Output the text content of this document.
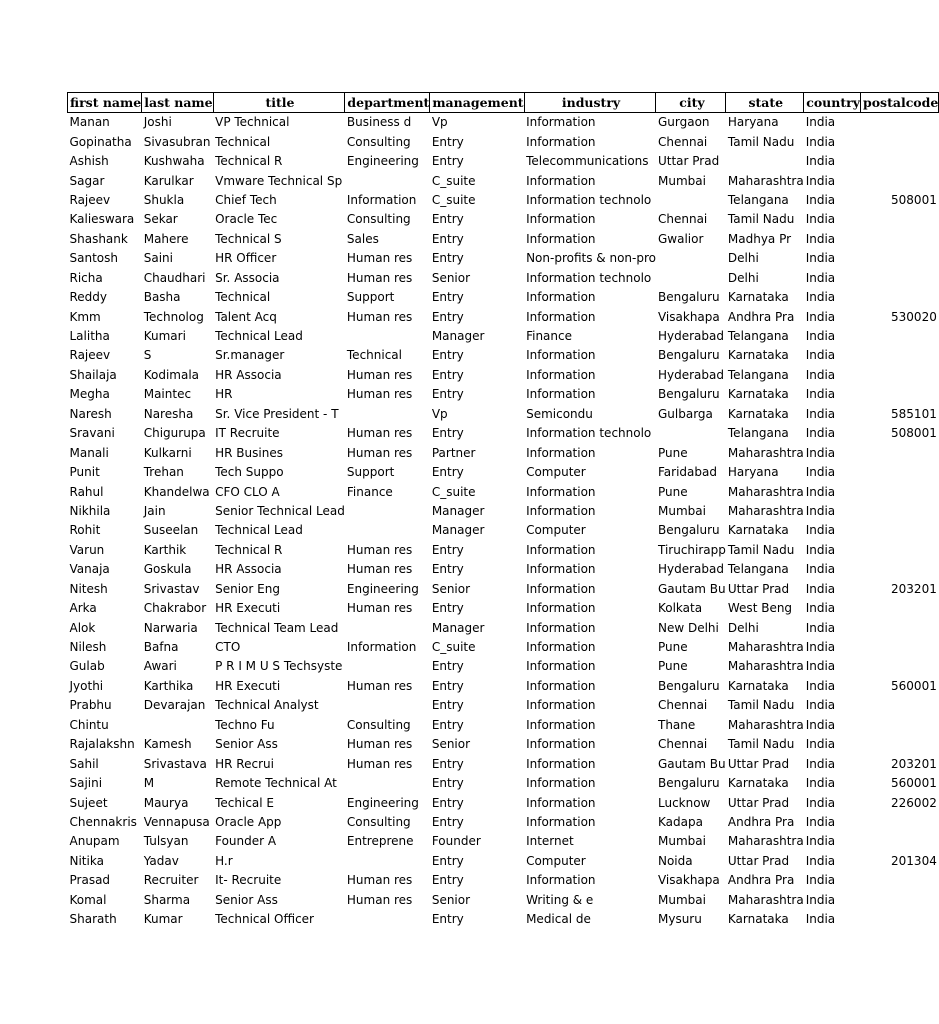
first name	last name	title	department	management	industry	city	state	country	postalcode
Manan	Joshi	VP Technical	Business d	Vp	Information	Gurgaon	Haryana	India	
Gopinatha	Sivasubran	Technical	Consulting	Entry	Information	Chennai	Tamil Nadu	India	
Ashish	Kushwaha	Technical R	Engineering	Entry	Telecommunications	Uttar Prad		India	
Sagar	Karulkar	Vmware Technical Sp		C_suite	Information	Mumbai	Maharashtra	India	
Rajeev	Shukla	Chief Tech	Information	C_suite	Information technolo		Telangana	India	508001
Kalieswara	Sekar	Oracle Tec	Consulting	Entry	Information	Chennai	Tamil Nadu	India	
Shashank	Mahere	Technical S	Sales	Entry	Information	Gwalior	Madhya Pr	India	
Santosh	Saini	HR Officer	Human res	Entry	Non-profits & non-pro		Delhi	India	
Richa	Chaudhari	Sr. Associa	Human res	Senior	Information technolo		Delhi	India	
Reddy	Basha	Technical	Support	Entry	Information	Bengaluru	Karnataka	India	
Kmm	Technolog	Talent Acq	Human res	Entry	Information	Visakhapa	Andhra Pra	India	530020
Lalitha	Kumari	Technical Lead		Manager	Finance	Hyderabad	Telangana	India	
Rajeev	S	Sr.manager	Technical	Entry	Information	Bengaluru	Karnataka	India	
Shailaja	Kodimala	HR Associa	Human res	Entry	Information	Hyderabad	Telangana	India	
Megha	Maintec	HR	Human res	Entry	Information	Bengaluru	Karnataka	India	
Naresh	Naresha	Sr. Vice President - T		Vp	Semicondu	Gulbarga	Karnataka	India	585101
Sravani	Chigurupa	IT Recruite	Human res	Entry	Information technolo		Telangana	India	508001
Manali	Kulkarni	HR Busines	Human res	Partner	Information	Pune	Maharashtra	India	
Punit	Trehan	Tech Suppo	Support	Entry	Computer	Faridabad	Haryana	India	
Rahul	Khandelwa	CFO CLO A	Finance	C_suite	Information	Pune	Maharashtra	India	
Nikhila	Jain	Senior Technical Lead		Manager	Information	Mumbai	Maharashtra	India	
Rohit	Suseelan	Technical Lead		Manager	Computer	Bengaluru	Karnataka	India	
Varun	Karthik	Technical R	Human res	Entry	Information	Tiruchirapp	Tamil Nadu	India	
Vanaja	Goskula	HR Associa	Human res	Entry	Information	Hyderabad	Telangana	India	
Nitesh	Srivastav	Senior Eng	Engineering	Senior	Information	Gautam Bu	Uttar Prad	India	203201
Arka	Chakrabor	HR Executi	Human res	Entry	Information	Kolkata	West Beng	India	
Alok	Narwaria	Technical Team Lead		Manager	Information	New Delhi	Delhi	India	
Nilesh	Bafna	CTO	Information	C_suite	Information	Pune	Maharashtra	India	
Gulab	Awari	P R I M U S Techsyste		Entry	Information	Pune	Maharashtra	India	
Jyothi	Karthika	HR Executi	Human res	Entry	Information	Bengaluru	Karnataka	India	560001
Prabhu	Devarajan	Technical Analyst		Entry	Information	Chennai	Tamil Nadu	India	
Chintu		Techno Fu	Consulting	Entry	Information	Thane	Maharashtra	India	
Rajalakshn	Kamesh	Senior Ass	Human res	Senior	Information	Chennai	Tamil Nadu	India	
Sahil	Srivastava	HR Recrui	Human res	Entry	Information	Gautam Bu	Uttar Prad	India	203201
Sajini	M	Remote Technical At		Entry	Information	Bengaluru	Karnataka	India	560001
Sujeet	Maurya	Techical E	Engineering	Entry	Information	Lucknow	Uttar Prad	India	226002
Chennakris	Vennapusa	Oracle App	Consulting	Entry	Information	Kadapa	Andhra Pra	India	
Anupam	Tulsyan	Founder A	Entreprene	Founder	Internet	Mumbai	Maharashtra	India	
Nitika	Yadav	H.r		Entry	Computer	Noida	Uttar Prad	India	201304
Prasad	Recruiter	It- Recruite	Human res	Entry	Information	Visakhapa	Andhra Pra	India	
Komal	Sharma	Senior Ass	Human res	Senior	Writing & e	Mumbai	Maharashtra	India	
Sharath	Kumar	Technical Officer		Entry	Medical de	Mysuru	Karnataka	India	
